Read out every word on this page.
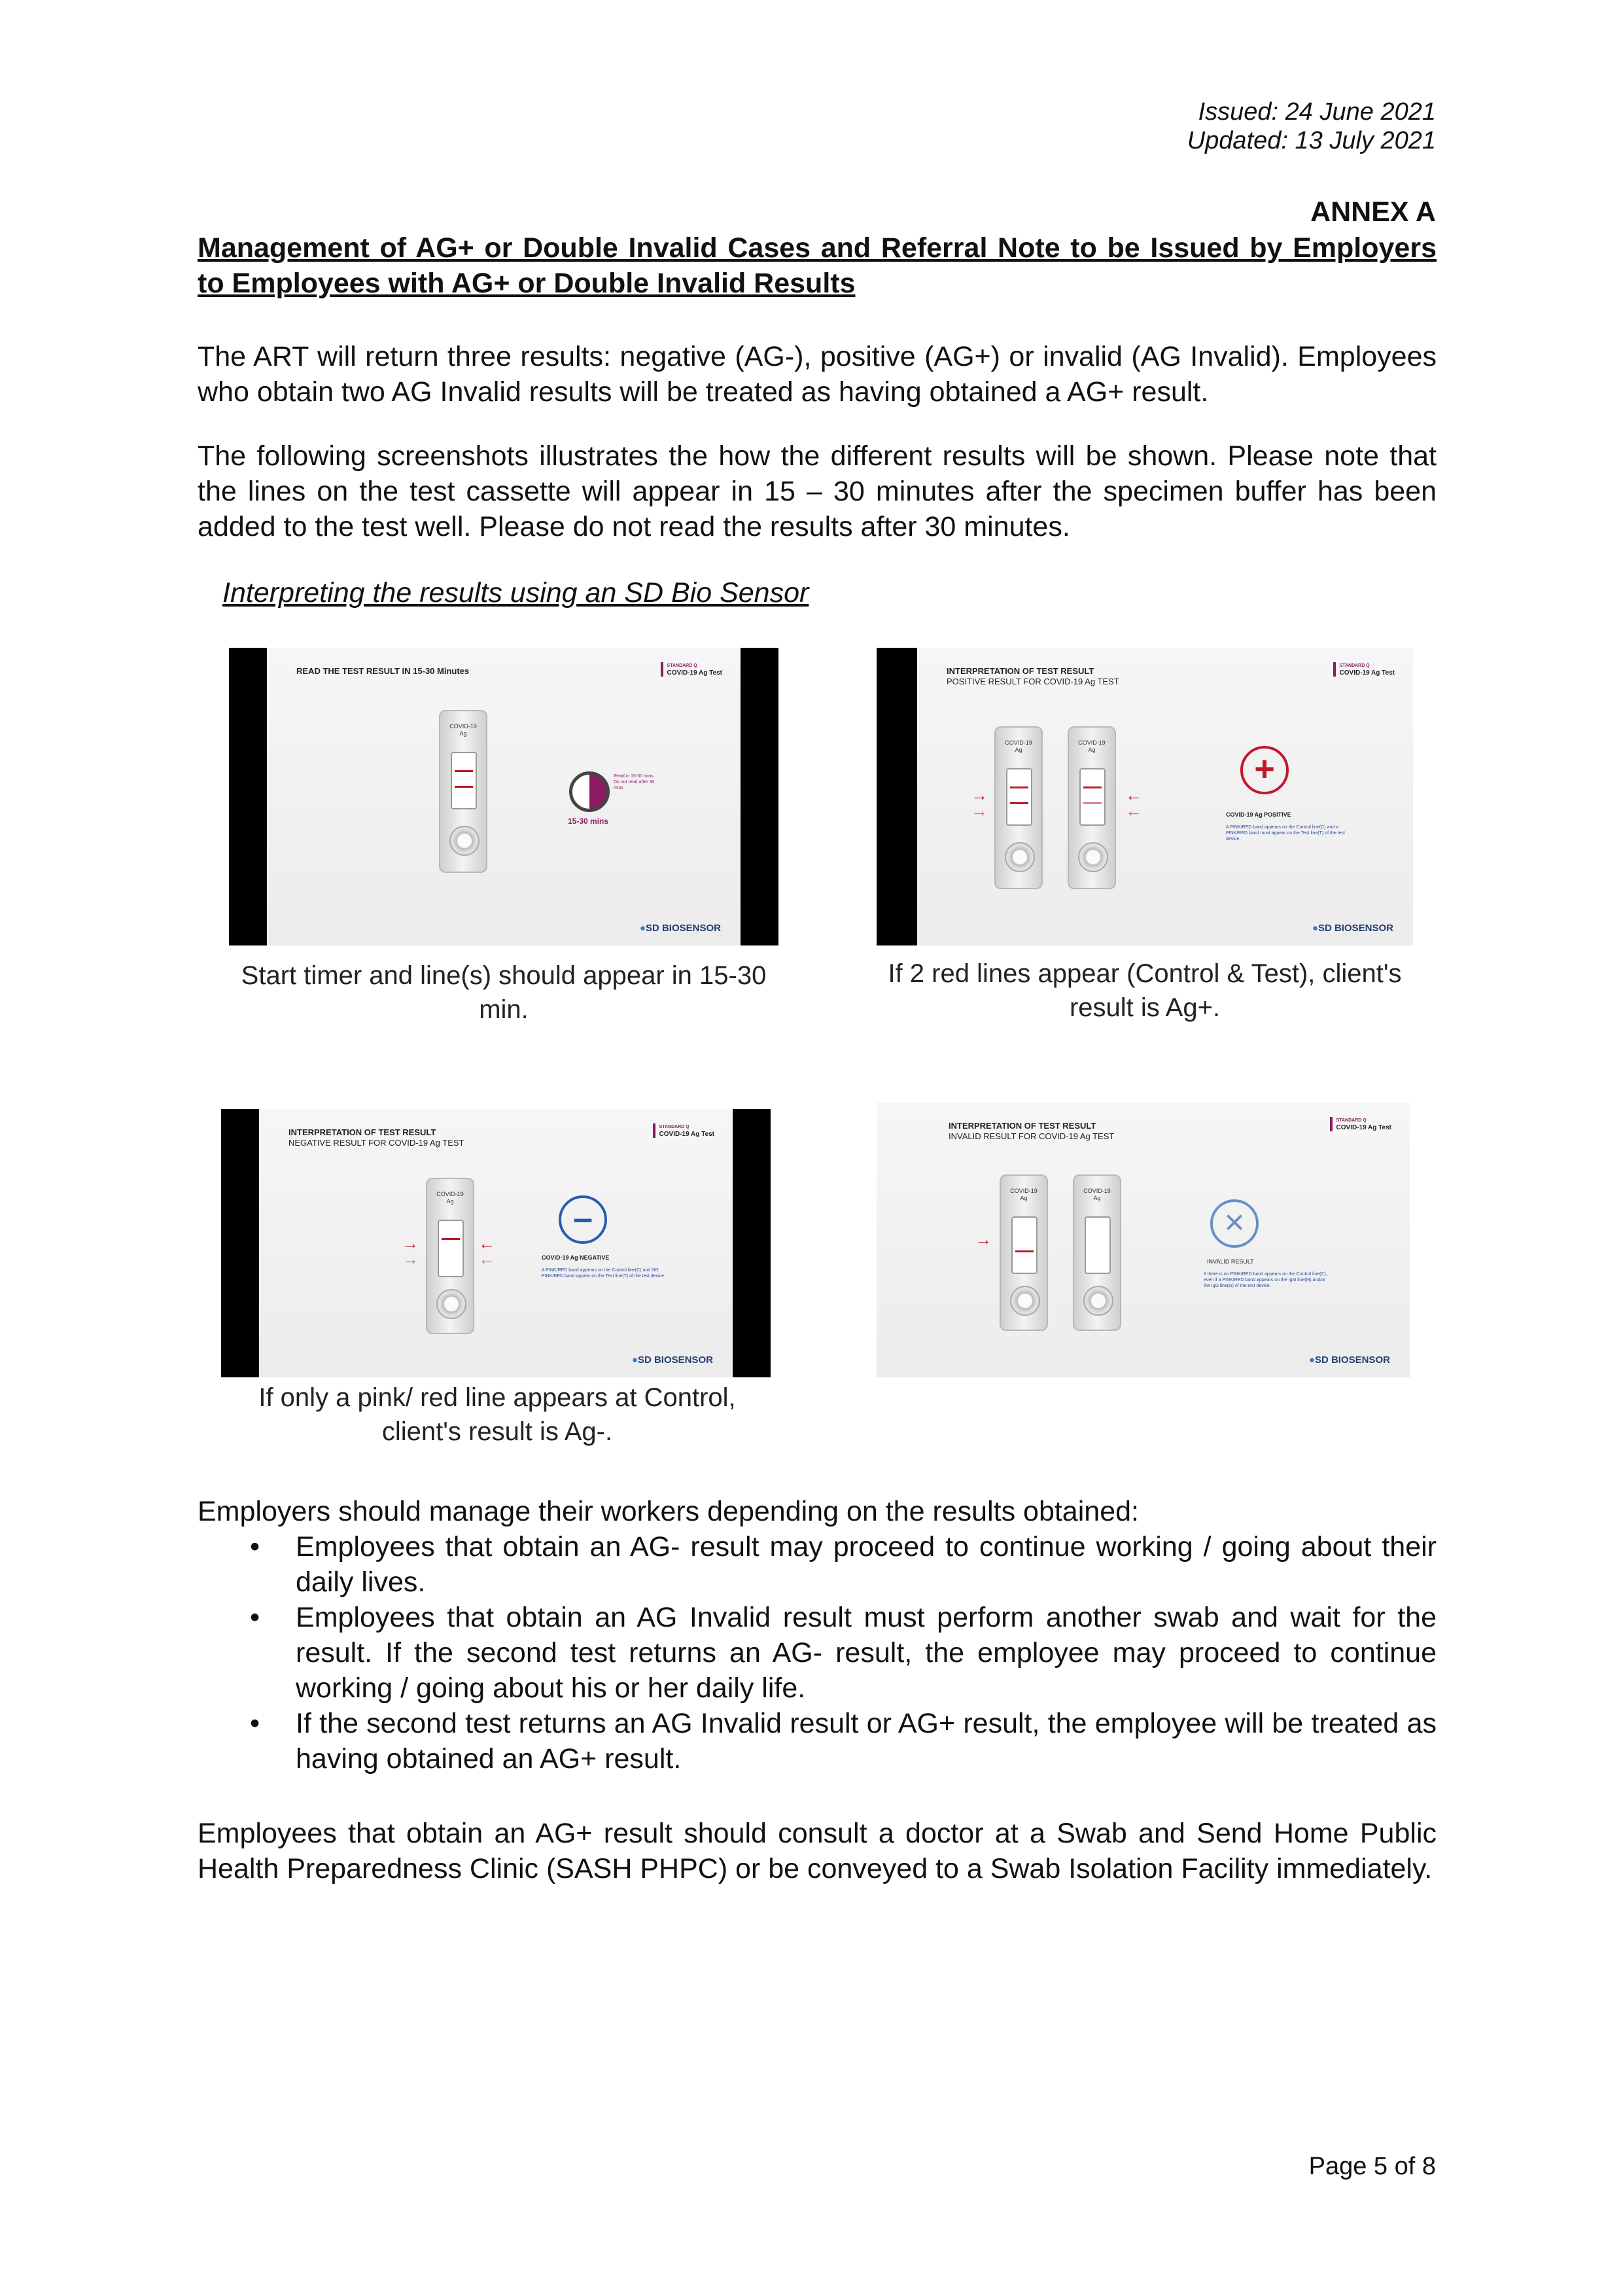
Issued: 24 June 2021
Updated: 13 July 2021
ANNEX A
Management of AG+ or Double Invalid Cases and Referral Note to be Issued by Employers to Employees with AG+ or Double Invalid Results
The ART will return three results: negative (AG-), positive (AG+) or invalid (AG Invalid). Employees who obtain two AG Invalid results will be treated as having obtained a AG+ result.
The following screenshots illustrates the how the different results will be shown. Please note that the lines on the test cassette will appear in 15 – 30 minutes after the specimen buffer has been added to the test well. Please do not read the results after 30 minutes.
Interpreting the results using an SD Bio Sensor
READ THE TEST RESULT IN 15-30 Minutes
STANDARD Q
COVID-19 Ag Test
COVID-19
Ag
Read in 15-30 mins. Do not read after 30 mins
15-30 mins
● SD BIOSENSOR
Start timer and line(s) should appear in 15-30 min.
INTERPRETATION OF TEST RESULT
POSITIVE RESULT FOR COVID-19 Ag TEST
STANDARD Q
COVID-19 Ag Test
→
→
COVID-19
Ag
COVID-19
Ag
←
←
+
COVID-19 Ag POSITIVE
A PINK/RED band appears on the Control line(C) and a PINK/RED band must appear on the Test line(T) of the test device.
● SD BIOSENSOR
If 2 red lines appear (Control & Test), client's result is Ag+.
INTERPRETATION OF TEST RESULT
NEGATIVE RESULT FOR COVID-19 Ag TEST
STANDARD Q
COVID-19 Ag Test
→
→
COVID-19
Ag
←
←
–
COVID-19 Ag NEGATIVE
A PINK/RED band appears on the Control line(C) and NO PINK/RED band appear on the Test line(T) of the test device.
● SD BIOSENSOR
If only a pink/ red line appears at Control, client's result is Ag-.
INTERPRETATION OF TEST RESULT
INVALID RESULT FOR COVID-19 Ag TEST
STANDARD Q
COVID-19 Ag Test
→
COVID-19
Ag
COVID-19
Ag
×
INVALID RESULT
If there is no PINK/RED band appears on the Control line(C), even if a PINK/RED band appears on the IgM line(M) and/or the IgG line(G) of the test device.
● SD BIOSENSOR
Employers should manage their workers depending on the results obtained:
• Employees that obtain an AG- result may proceed to continue working / going about their daily lives.
• Employees that obtain an AG Invalid result must perform another swab and wait for the result. If the second test returns an AG- result, the employee may proceed to continue working / going about his or her daily life.
• If the second test returns an AG Invalid result or AG+ result, the employee will be treated as having obtained an AG+ result.
Employees that obtain an AG+ result should consult a doctor at a Swab and Send Home Public Health Preparedness Clinic (SASH PHPC) or be conveyed to a Swab Isolation Facility immediately.
Page 5 of 8
